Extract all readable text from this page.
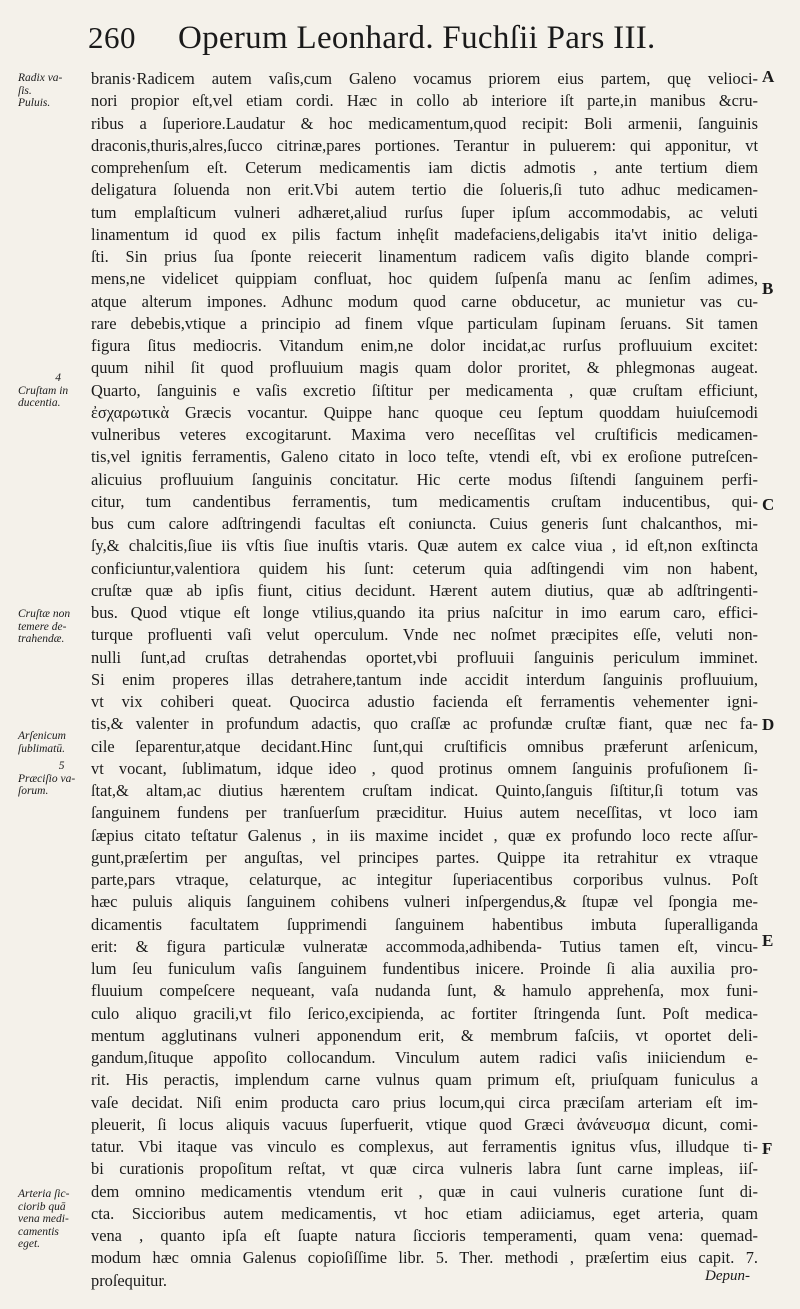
260 Operum Leonhard. Fuchſii Pars III.
branis·Radicem autem vaſis,cum Galeno vocamus priorem eius partem, quę velioci-
nori propior eſt,vel etiam cordi. Hæc in collo ab interiore iſt parte,in manibus &cru-
ribus a ſuperiore.Laudatur & hoc medicamentum,quod recipit: Boli armenii, ſanguinis
draconis,thuris,alres,ſucco citrinæ,pares portiones. Terantur in puluerem: qui apponitur, vt
comprehenſum eſt. Ceterum medicamentis iam dictis admotis , ante tertium diem
deligatura ſoluenda non erit.Vbi autem tertio die ſolueris,ſi tuto adhuc medicamen-
tum emplaſticum vulneri adhæret,aliud rurſus ſuper ipſum accommodabis, ac veluti
linamentum id quod ex pilis factum inhęſit madefaciens,deligabis ita'vt initio deliga-
ſti. Sin prius ſua ſponte reiecerit linamentum radicem vaſis digito blande compri-
mens,ne videlicet quippiam confluat, hoc quidem ſuſpenſa manu ac ſenſim adimes,
atque alterum impones. Adhunc modum quod carne obducetur, ac munietur vas cu-
rare debebis,vtique a principio ad finem vſque particulam ſupinam ſeruans. Sit tamen
figura ſitus mediocris. Vitandum enim,ne dolor incidat,ac rurſus profluuium excitet:
quum nihil ſit quod profluuium magis quam dolor proritet, & phlegmonas augeat.
Quarto, ſanguinis e vaſis excretio ſiſtitur per medicamenta , quæ cruſtam efficiunt,
ἐσχαρωτικὰ Græcis vocantur. Quippe hanc quoque ceu ſeptum quoddam huiuſcemodi
vulneribus veteres excogitarunt. Maxima vero neceſſitas vel cruſtificis medicamen-
tis,vel ignitis ferramentis, Galeno citato in loco teſte, vtendi eſt, vbi ex eroſione putreſcen-
alicuius profluuium ſanguinis concitatur. Hic certe modus ſiſtendi ſanguinem perfi-
citur, tum candentibus ferramentis, tum medicamentis cruſtam inducentibus, qui-
bus cum calore adſtringendi facultas eſt coniuncta. Cuius generis ſunt chalcanthos, mi-
ſy,& chalcitis,ſiue iis vſtis ſiue inuſtis vtaris. Quæ autem ex calce viua , id eſt,non exſtincta
conficiuntur,valentiora quidem his ſunt: ceterum quia adſtingendi vim non habent,
cruſtæ quæ ab ipſis fiunt, citius decidunt. Hærent autem diutius, quæ ab adſtringenti-
bus. Quod vtique eſt longe vtilius,quando ita prius naſcitur in imo earum caro, effici-
turque profluenti vaſi velut operculum. Vnde nec noſmet præcipites eſſe, veluti non-
nulli ſunt,ad cruſtas detrahendas oportet,vbi profluuii ſanguinis periculum imminet.
Si enim properes illas detrahere,tantum inde accidit interdum ſanguinis profluuium,
vt vix cohiberi queat. Quocirca adustio facienda eſt ferramentis vehementer igni-
tis,& valenter in profundum adactis, quo craſſæ ac profundæ cruſtæ fiant, quæ nec fa-
cile ſeparentur,atque decidant.Hinc ſunt,qui cruſtificis omnibus præferunt arſenicum,
vt vocant, ſublimatum, idque ideo , quod protinus omnem ſanguinis profuſionem ſi-
ſtat,& altam,ac diutius hærentem cruſtam indicat. Quinto,ſanguis ſiſtitur,ſi totum vas
ſanguinem fundens per tranſuerſum præciditur. Huius autem neceſſitas, vt loco iam
ſæpius citato teſtatur Galenus , in iis maxime incidet , quæ ex profundo loco recte aſſur-
gunt,præſertim per anguſtas, vel principes partes. Quippe ita retrahitur ex vtraque
parte,pars vtraque, celaturque, ac integitur ſuperiacentibus corporibus vulnus. Poſt
hæc puluis aliquis ſanguinem cohibens vulneri inſpergendus,& ſtupæ vel ſpongia me-
dicamentis facultatem ſupprimendi ſanguinem habentibus imbuta ſuperalliganda
erit: & figura particulæ vulneratæ accommoda,adhibenda- Tutius tamen eſt, vincu-
lum ſeu funiculum vaſis ſanguinem fundentibus inicere. Proinde ſi alia auxilia pro-
fluuium compeſcere nequeant, vaſa nudanda ſunt, & hamulo apprehenſa, mox funi-
culo aliquo gracili,vt filo ſerico,excipienda, ac fortiter ſtringenda ſunt. Poſt medica-
mentum agglutinans vulneri apponendum erit, & membrum faſciis, vt oportet deli-
gandum,ſituque appoſito collocandum. Vinculum autem radici vaſis iniiciendum e-
rit. His peractis, implendum carne vulnus quam primum eſt, priuſquam funiculus a
vaſe decidat. Niſi enim producta caro prius locum,qui circa præciſam arteriam eſt im-
pleuerit, ſi locus aliquis vacuus ſuperfuerit, vtique quod Græci ἀνάνευσμα dicunt, comi-
tatur. Vbi itaque vas vinculo es complexus, aut ferramentis ignitus vſus, illudque ti-
bi curationis propoſitum reſtat, vt quæ circa vulneris labra ſunt carne impleas, iiſ-
dem omnino medicamentis vtendum erit , quæ in caui vulneris curatione ſunt di-
cta. Siccioribus autem medicamentis, vt hoc etiam adiiciamus, eget arteria, quam
vena , quanto ipſa eſt ſuapte natura ſiccioris temperamenti, quam vena: quemad-
modum hæc omnia Galenus copioſiſſime libr. 5. Ther. methodi , præſertim eius capit. 7.
proſequitur.
Radix va-
ſis.
Puluis.
4
Cruſtam in
ducentia.
Cruſtæ non
temere de-
trahendæ.
Arſenicum
ſublimatū.
5
Præciſio va-
ſorum.
Arteria ſic-
ciorib quā
vena medi-
camentis
eget.
A
B
C
D
E
F
Depun-
